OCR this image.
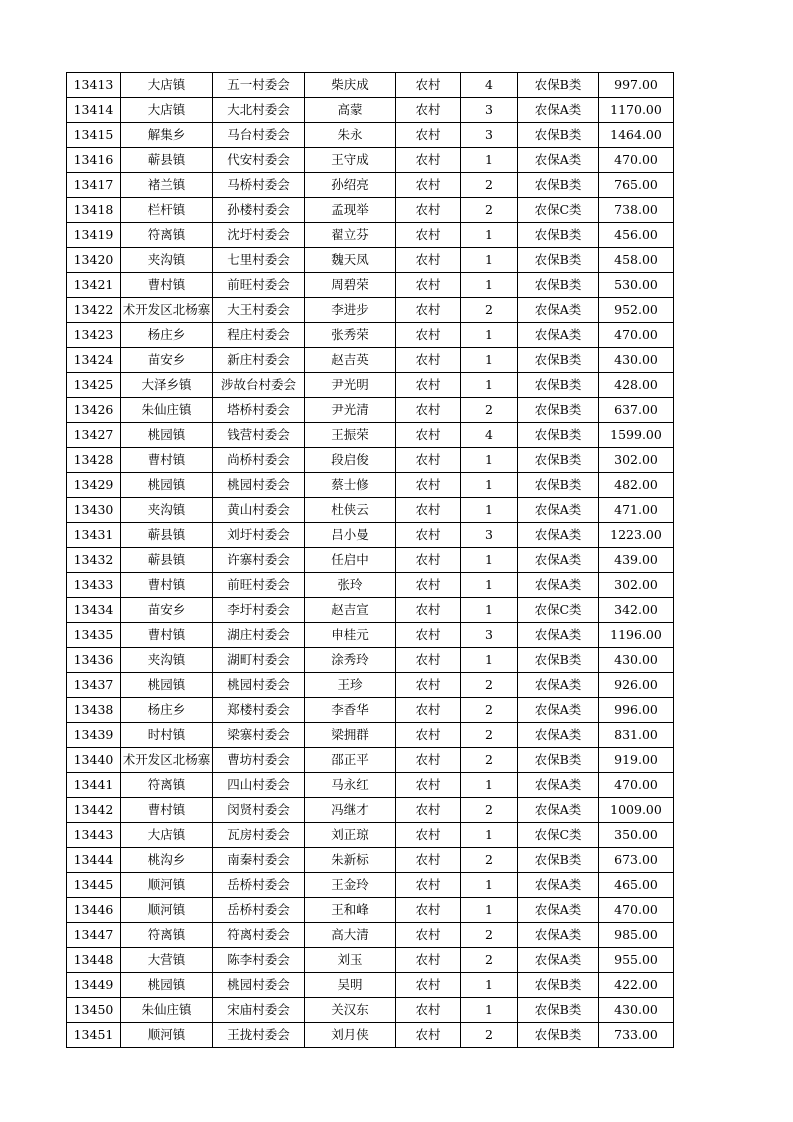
13413	大店镇	五一村委会	柴庆成	农村	4	农保B类	997.00
13414	大店镇	大北村委会	高蒙	农村	3	农保A类	1170.00
13415	解集乡	马台村委会	朱永	农村	3	农保B类	1464.00
13416	蕲县镇	代安村委会	王守成	农村	1	农保A类	470.00
13417	褚兰镇	马桥村委会	孙绍亮	农村	2	农保B类	765.00
13418	栏杆镇	孙楼村委会	孟现举	农村	2	农保C类	738.00
13419	符离镇	沈圩村委会	翟立芬	农村	1	农保B类	456.00
13420	夹沟镇	七里村委会	魏天凤	农村	1	农保B类	458.00
13421	曹村镇	前旺村委会	周碧荣	农村	1	农保B类	530.00
13422	术开发区北杨寨	大王村委会	李进步	农村	2	农保A类	952.00
13423	杨庄乡	程庄村委会	张秀荣	农村	1	农保A类	470.00
13424	苗安乡	新庄村委会	赵吉英	农村	1	农保B类	430.00
13425	大泽乡镇	涉故台村委会	尹光明	农村	1	农保B类	428.00
13426	朱仙庄镇	塔桥村委会	尹光清	农村	2	农保B类	637.00
13427	桃园镇	钱营村委会	王振荣	农村	4	农保B类	1599.00
13428	曹村镇	尚桥村委会	段启俊	农村	1	农保B类	302.00
13429	桃园镇	桃园村委会	蔡士修	农村	1	农保B类	482.00
13430	夹沟镇	黄山村委会	杜侠云	农村	1	农保A类	471.00
13431	蕲县镇	刘圩村委会	吕小曼	农村	3	农保A类	1223.00
13432	蕲县镇	许寨村委会	任启中	农村	1	农保A类	439.00
13433	曹村镇	前旺村委会	张玲	农村	1	农保A类	302.00
13434	苗安乡	李圩村委会	赵吉宣	农村	1	农保C类	342.00
13435	曹村镇	湖庄村委会	申桂元	农村	3	农保A类	1196.00
13436	夹沟镇	湖町村委会	涂秀玲	农村	1	农保B类	430.00
13437	桃园镇	桃园村委会	王珍	农村	2	农保A类	926.00
13438	杨庄乡	郑楼村委会	李香华	农村	2	农保A类	996.00
13439	时村镇	梁寨村委会	梁拥群	农村	2	农保A类	831.00
13440	术开发区北杨寨	曹坊村委会	邵正平	农村	2	农保B类	919.00
13441	符离镇	四山村委会	马永红	农村	1	农保A类	470.00
13442	曹村镇	闵贤村委会	冯继才	农村	2	农保A类	1009.00
13443	大店镇	瓦房村委会	刘正琼	农村	1	农保C类	350.00
13444	桃沟乡	南秦村委会	朱新标	农村	2	农保B类	673.00
13445	顺河镇	岳桥村委会	王金玲	农村	1	农保A类	465.00
13446	顺河镇	岳桥村委会	王和峰	农村	1	农保A类	470.00
13447	符离镇	符离村委会	高大清	农村	2	农保A类	985.00
13448	大营镇	陈李村委会	刘玉	农村	2	农保A类	955.00
13449	桃园镇	桃园村委会	吴明	农村	1	农保B类	422.00
13450	朱仙庄镇	宋庙村委会	关汉东	农村	1	农保B类	430.00
13451	顺河镇	王拢村委会	刘月侠	农村	2	农保B类	733.00
